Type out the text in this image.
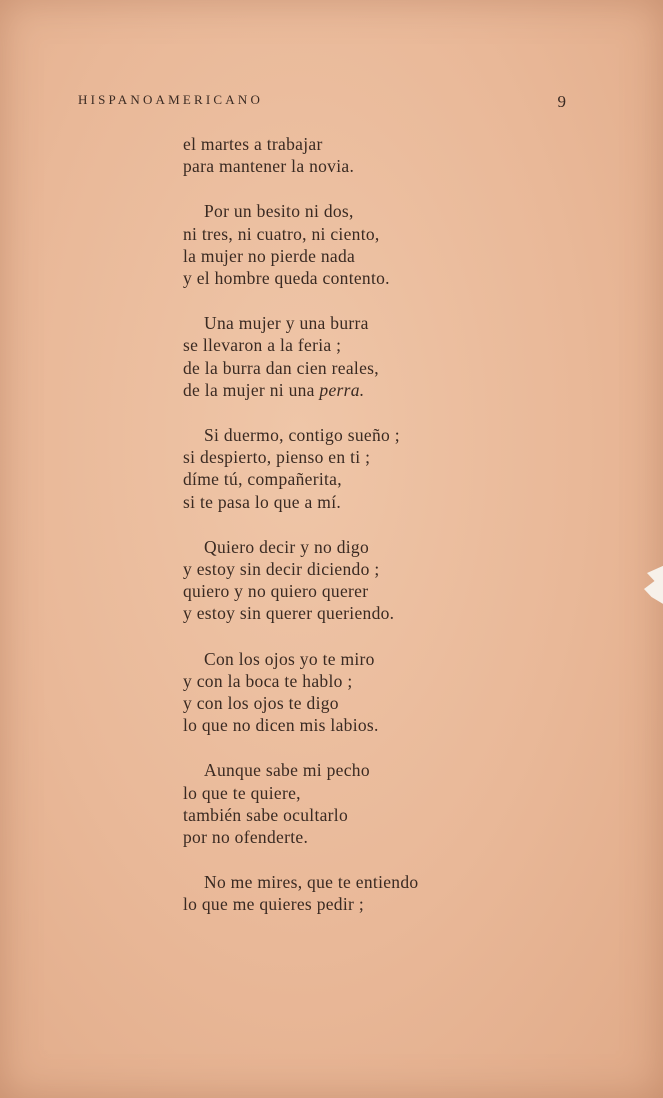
HISPANOAMERICANO	9
el martes a trabajar
para mantener la novia.
Por un besito ni dos,
ni tres, ni cuatro, ni ciento,
la mujer no pierde nada
y el hombre queda contento.
Una mujer y una burra
se llevaron a la feria ;
de la burra dan cien reales,
de la mujer ni una perra.
Si duermo, contigo sueño ;
si despierto, pienso en ti ;
díme tú, compañerita,
si te pasa lo que a mí.
Quiero decir y no digo
y estoy sin decir diciendo ;
quiero y no quiero querer
y estoy sin querer queriendo.
Con los ojos yo te miro
y con la boca te hablo ;
y con los ojos te digo
lo que no dicen mis labios.
Aunque sabe mi pecho
lo que te quiere,
también sabe ocultarlo
por no ofenderte.
No me mires, que te entiendo
lo que me quieres pedir ;
